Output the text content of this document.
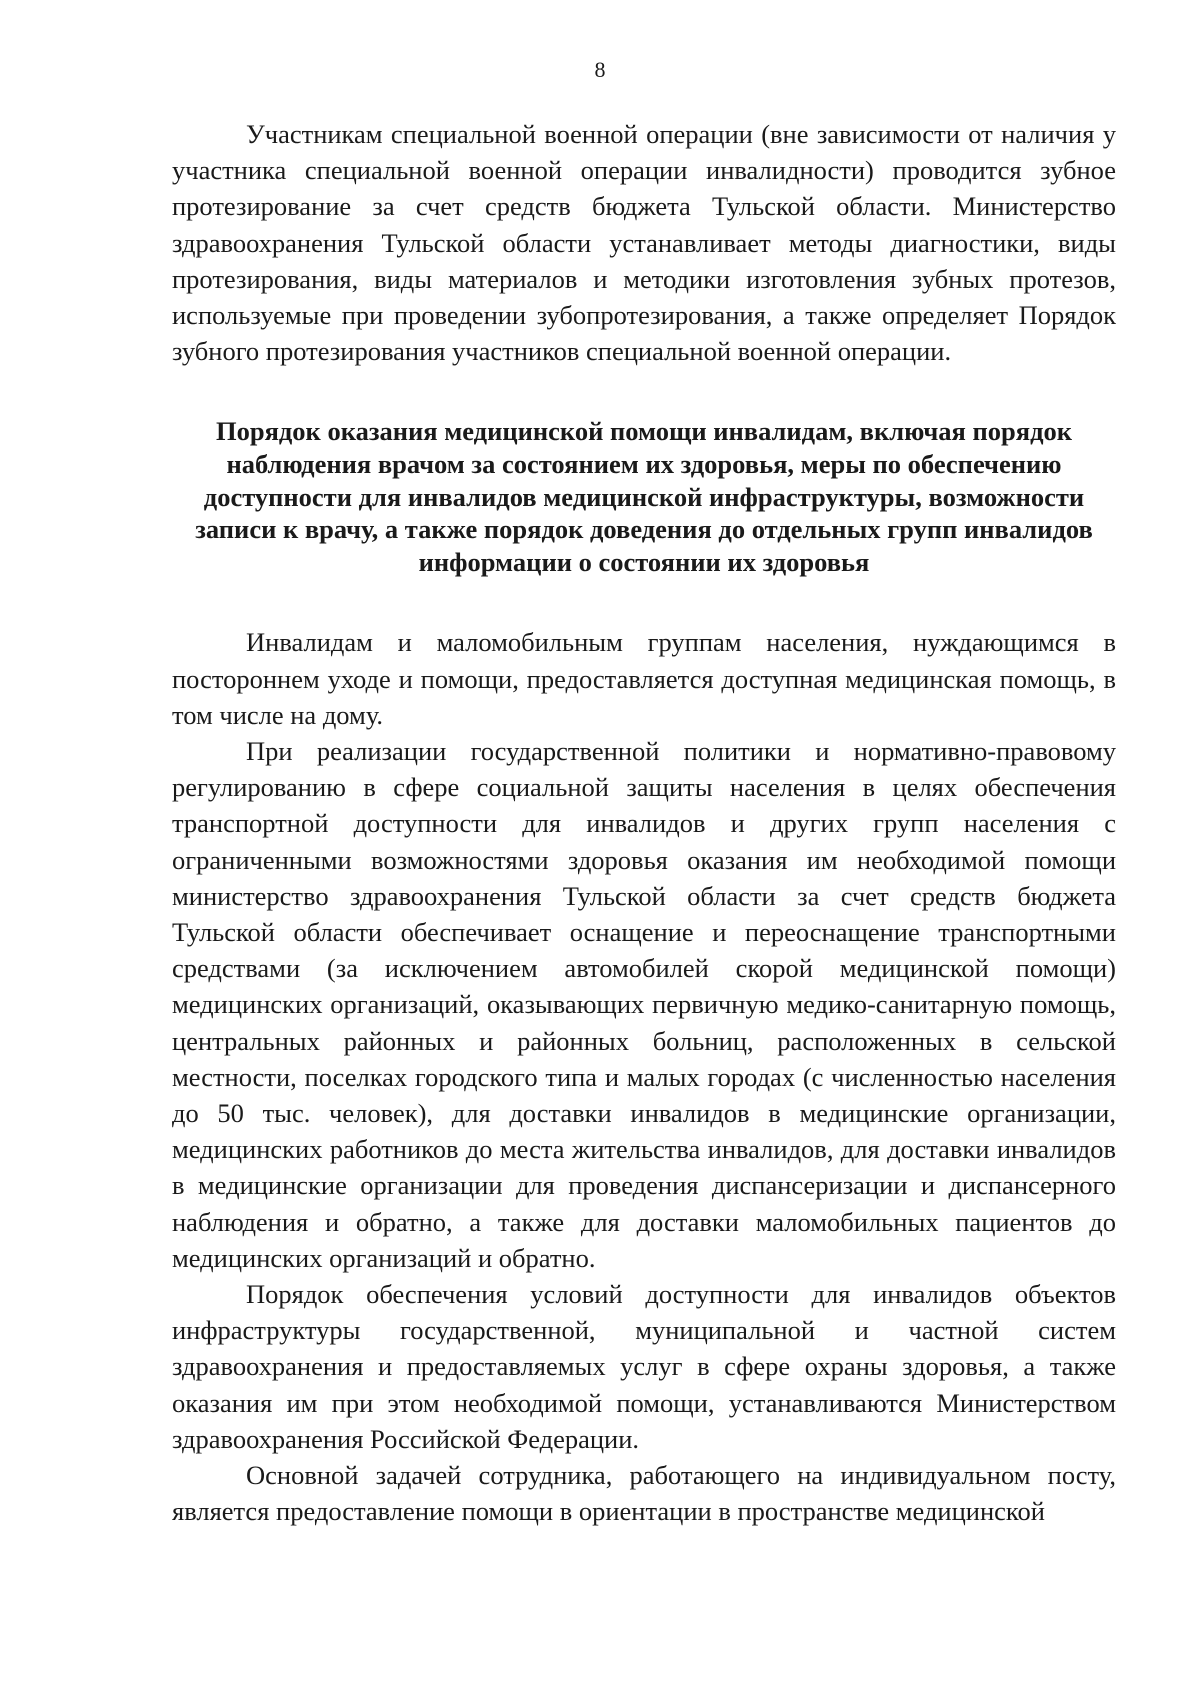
8

Участникам специальной военной операции (вне зависимости от наличия у участника специальной военной операции инвалидности) проводится зубное протезирование за счет средств бюджета Тульской области. Министерство здравоохранения Тульской области устанавливает методы диагностики, виды протезирования, виды материалов и методики изготовления зубных протезов, используемые при проведении зубопротезирования, а также определяет Порядок зубного протезирования участников специальной военной операции.

Порядок оказания медицинской помощи инвалидам, включая порядок наблюдения врачом за состоянием их здоровья, меры по обеспечению доступности для инвалидов медицинской инфраструктуры, возможности записи к врачу, а также порядок доведения до отдельных групп инвалидов информации о состоянии их здоровья

Инвалидам и маломобильным группам населения, нуждающимся в постороннем уходе и помощи, предоставляется доступная медицинская помощь, в том числе на дому.

При реализации государственной политики и нормативно-правовому регулированию в сфере социальной защиты населения в целях обеспечения транспортной доступности для инвалидов и других групп населения с ограниченными возможностями здоровья оказания им необходимой помощи министерство здравоохранения Тульской области за счет средств бюджета Тульской области обеспечивает оснащение и переоснащение транспортными средствами (за исключением автомобилей скорой медицинской помощи) медицинских организаций, оказывающих первичную медико-санитарную помощь, центральных районных и районных больниц, расположенных в сельской местности, поселках городского типа и малых городах (с численностью населения до 50 тыс. человек), для доставки инвалидов в медицинские организации, медицинских работников до места жительства инвалидов, для доставки инвалидов в медицинские организации для проведения диспансеризации и диспансерного наблюдения и обратно, а также для доставки маломобильных пациентов до медицинских организаций и обратно.

Порядок обеспечения условий доступности для инвалидов объектов инфраструктуры государственной, муниципальной и частной систем здравоохранения и предоставляемых услуг в сфере охраны здоровья, а также оказания им при этом необходимой помощи, устанавливаются Министерством здравоохранения Российской Федерации.

Основной задачей сотрудника, работающего на индивидуальном посту, является предоставление помощи в ориентации в пространстве медицинской
